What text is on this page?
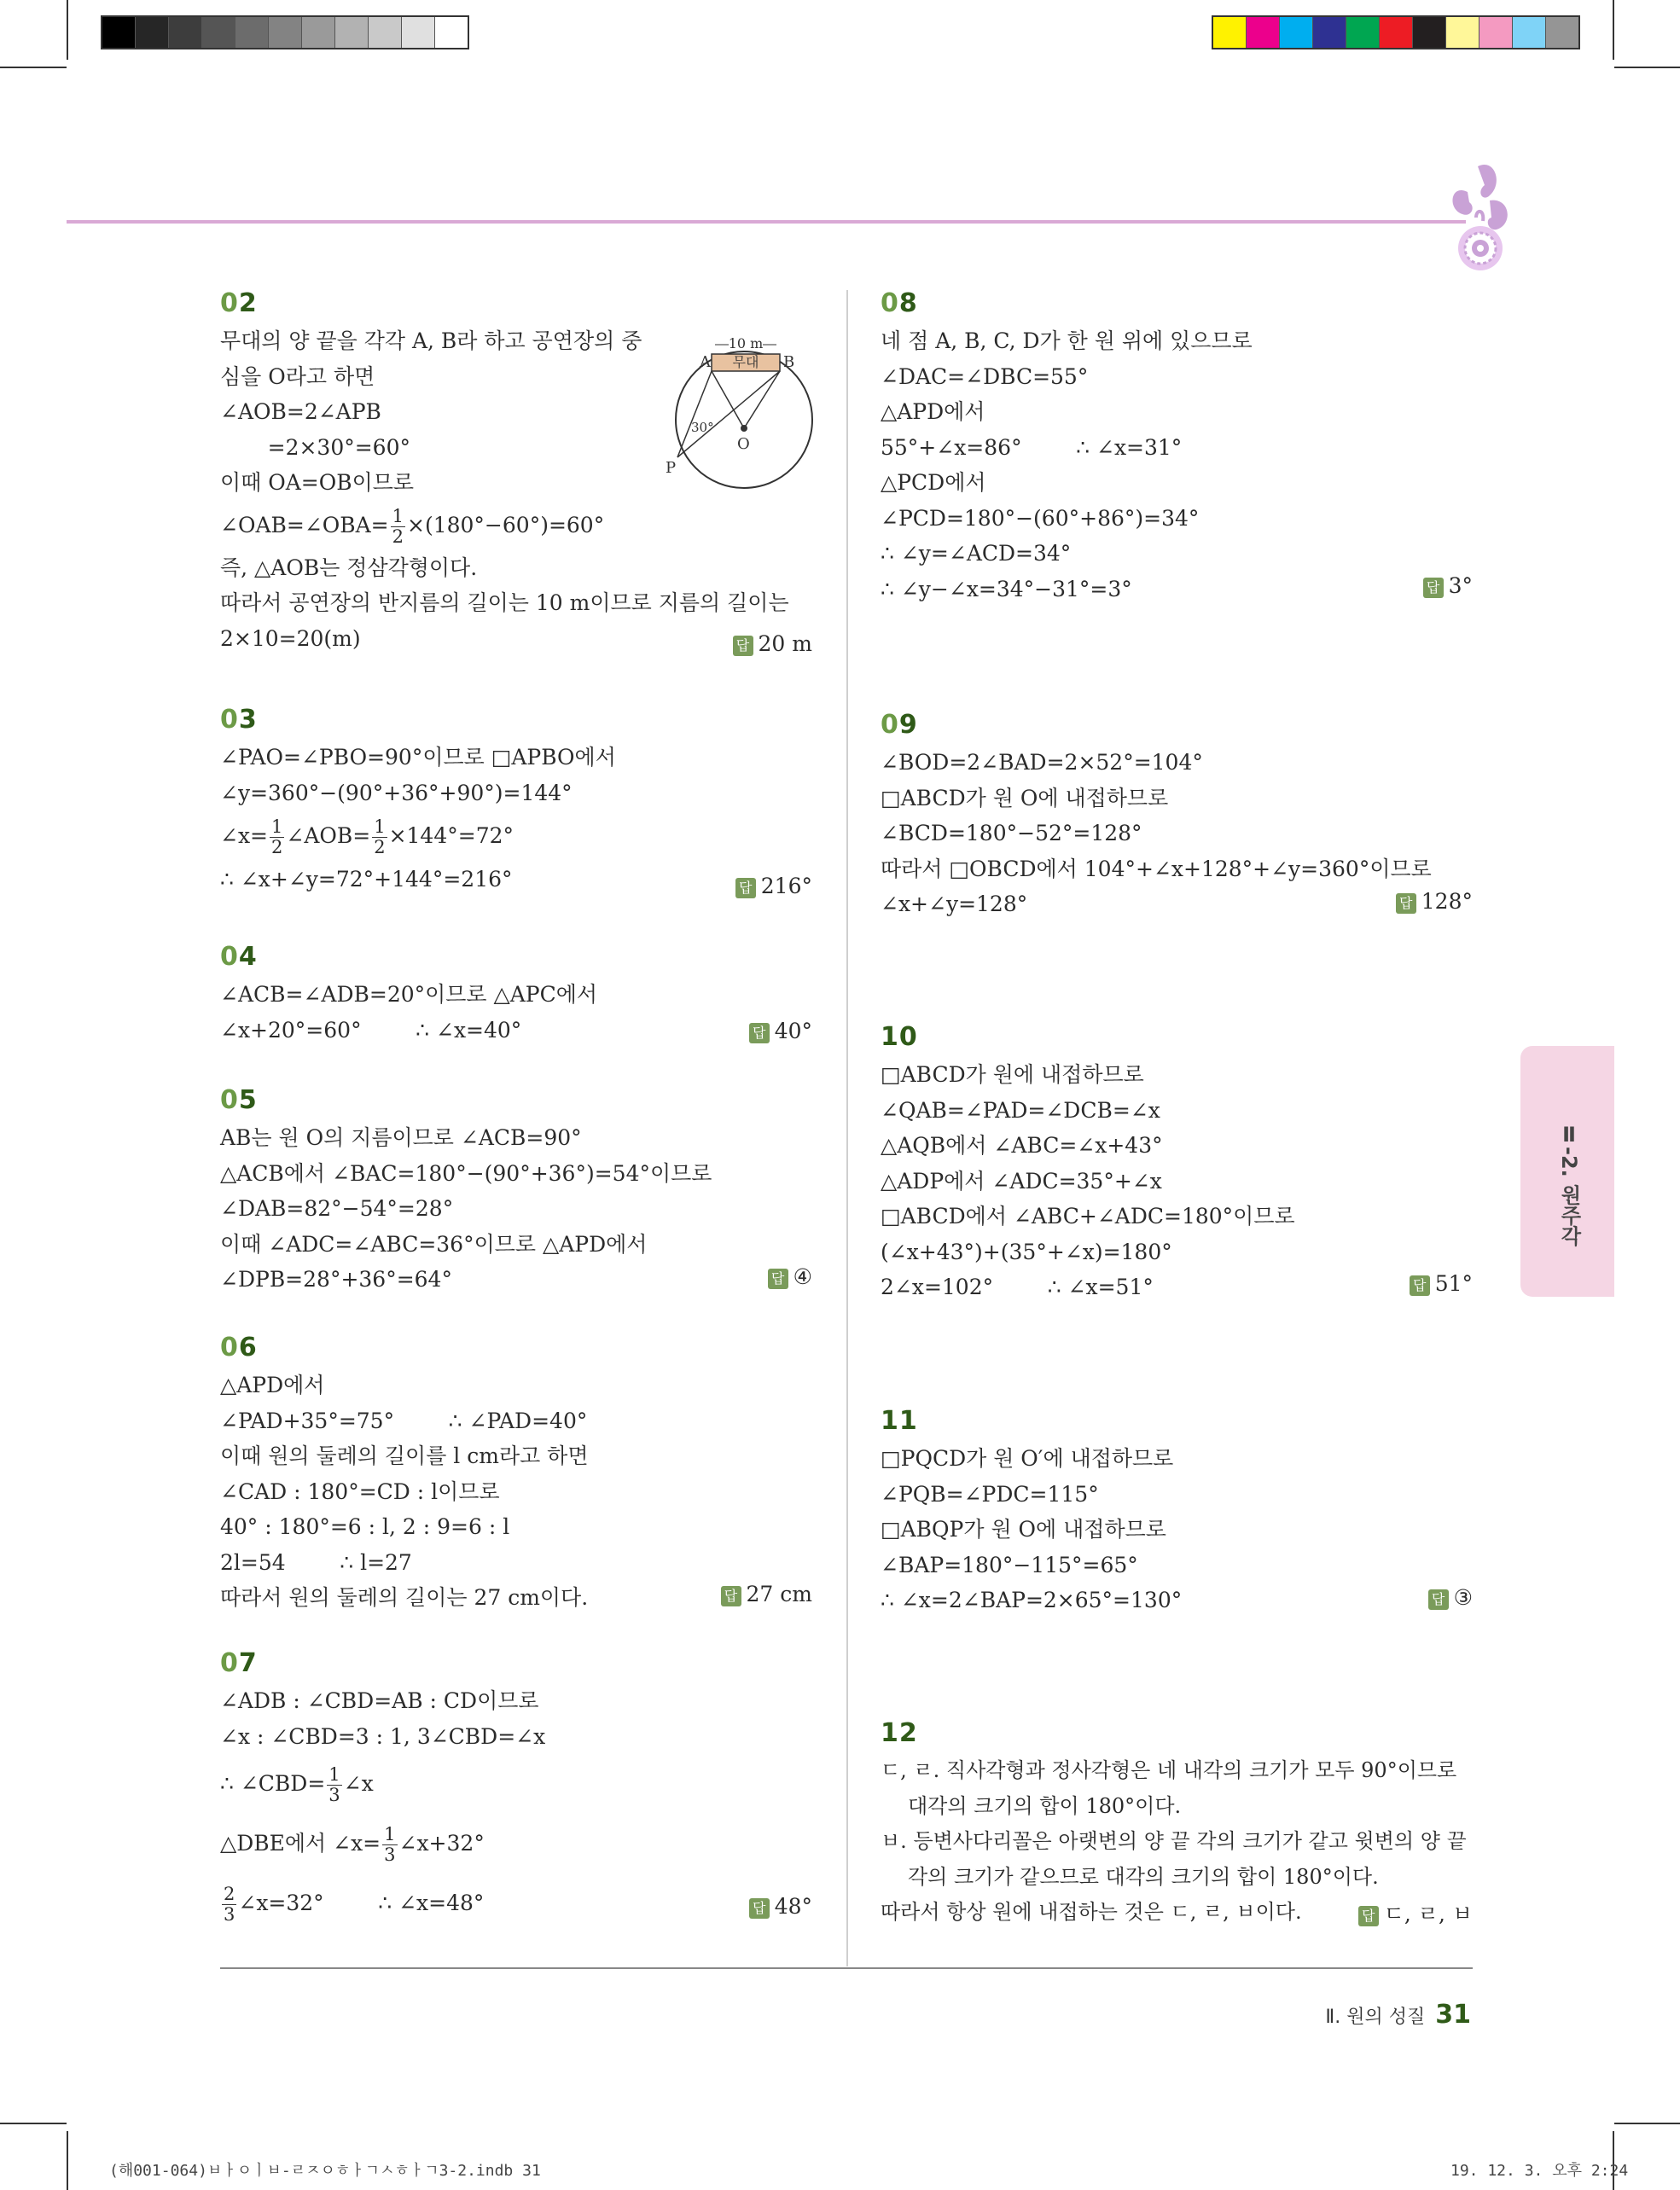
02
무대의 양 끝을 각각 A, B라 하고 공연장의 중
심을 O라고 하면
∠AOB=2∠APB
=2×30°=60°
이때 OA=OB이므로
∠OAB=∠OBA= $\frac{1}{2} \times(180^\circ-60^\circ)=60^\circ$
즉, △AOB는 정삼각형이다.
따라서 공연장의 반지름의 길이는 10 m이므로 지름의 길이는
2×10=20(m)	답 20 m
무대
10 m
A	B
O
P
30°
03
∠PAO=∠PBO=90°이므로 □APBO에서
∠y=360°−(90°+36°+90°)=144°
∠x= $\frac{1}{2}$ ∠AOB= $\frac{1}{2} \times 144^\circ=72^\circ$
∴ ∠x+∠y=72°+144°=216°	답 216°
04
∠ACB=∠ADB=20°이므로 △APC에서
∠x+20°=60°        ∴ ∠x=40°	답 40°
05
AB는 원 O의 지름이므로 ∠ACB=90°
△ACB에서 ∠BAC=180°−(90°+36°)=54°이므로
∠DAB=82°−54°=28°
이때 ∠ADC=∠ABC=36°이므로 △APD에서
∠DPB=28°+36°=64°	답 ④
06
△APD에서
∠PAD+35°=75°        ∴ ∠PAD=40°
이때 원의 둘레의 길이를 l cm라고 하면
∠CAD : 180°=CD : l이므로
40° : 180°=6 : l, 2 : 9=6 : l
2l=54        ∴ l=27
따라서 원의 둘레의 길이는 27 cm이다.	답 27 cm
07
∠ADB : ∠CBD=AB : CD이므로
∠x : ∠CBD=3 : 1, 3∠CBD=∠x
∴ ∠CBD= $\frac{1}{3}$ ∠x
△DBE에서 ∠x= $\frac{1}{3}$ ∠x+32°
$\frac{2}{3}$ ∠x=32°        ∴ ∠x=48°	답 48°
08
네 점 A, B, C, D가 한 원 위에 있으므로
∠DAC=∠DBC=55°
△APD에서
55°+∠x=86°        ∴ ∠x=31°
△PCD에서
∠PCD=180°−(60°+86°)=34°
∴ ∠y=∠ACD=34°
∴ ∠y−∠x=34°−31°=3°	답 3°
09
∠BOD=2∠BAD=2×52°=104°
□ABCD가 원 O에 내접하므로
∠BCD=180°−52°=128°
따라서 □OBCD에서 104°+∠x+128°+∠y=360°이므로
∠x+∠y=128°	답 128°
10
□ABCD가 원에 내접하므로
∠QAB=∠PAD=∠DCB=∠x
△AQB에서 ∠ABC=∠x+43°
△ADP에서 ∠ADC=35°+∠x
□ABCD에서 ∠ABC+∠ADC=180°이므로
(∠x+43°)+(35°+∠x)=180°
2∠x=102°        ∴ ∠x=51°	답 51°
11
□PQCD가 원 O′에 내접하므로
∠PQB=∠PDC=115°
□ABQP가 원 O에 내접하므로
∠BAP=180°−115°=65°
∴ ∠x=2∠BAP=2×65°=130°	답 ③
12
ㄷ, ㄹ. 직사각형과 정사각형은 네 내각의 크기가 모두 90°이므로
대각의 크기의 합이 180°이다.
ㅂ. 등변사다리꼴은 아랫변의 양 끝 각의 크기가 같고 윗변의 양 끝
각의 크기가 같으므로 대각의 크기의 합이 180°이다.
따라서 항상 원에 내접하는 것은 ㄷ, ㄹ, ㅂ이다.	답 ㄷ, ㄹ, ㅂ
Ⅱ-2. 원주각
Ⅱ. 원의 성질 31
(해001-064)ㅂㅏㅇㅣㅂ-ㄹㅈㅇㅎㅏㄱㅅㅎㅏㄱ3-2.indb 31	19. 12. 3. 오후 2:24
